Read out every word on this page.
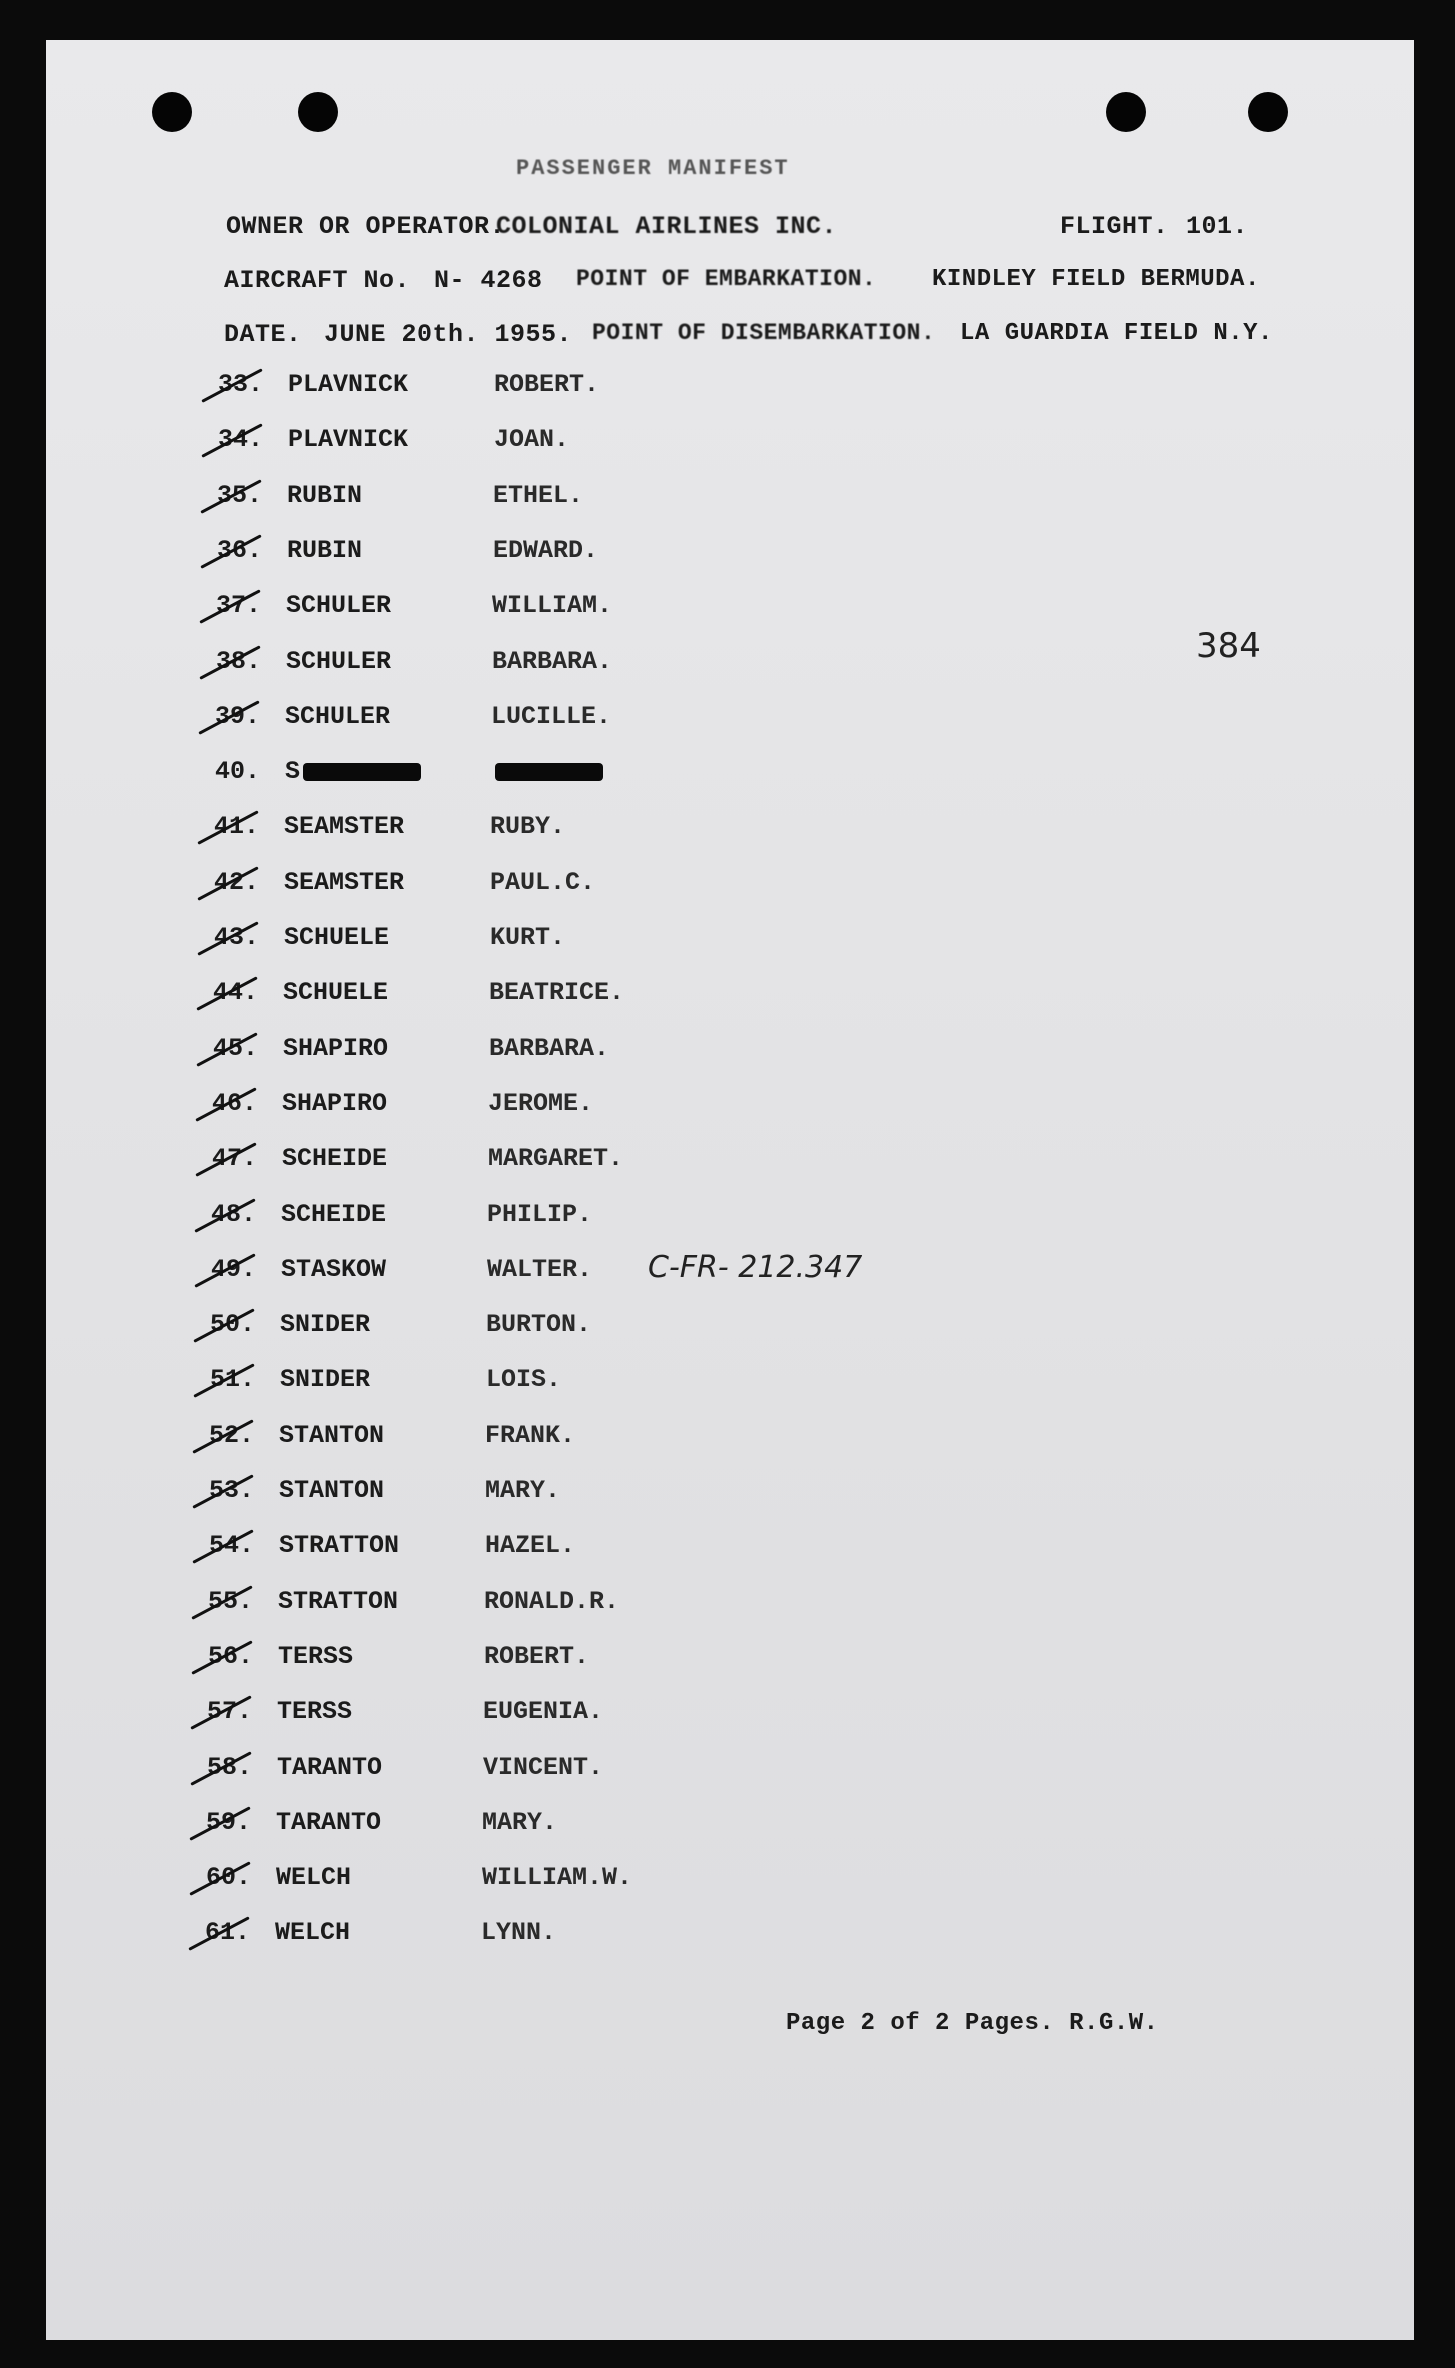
PASSENGER MANIFEST
OWNER OR OPERATOR.
COLONIAL AIRLINES INC.	FLIGHT. 101.
AIRCRAFT No. N- 4268 POINT OF EMBARKATION. KINDLEY FIELD BERMUDA.
DATE. JUNE 20th. 1955. POINT OF DISEMBARKATION. LA GUARDIA FIELD N.Y.
384
C-FR- 212.347
33. PLAVNICK	ROBERT.
34. PLAVNICK	JOAN.
35. RUBIN	ETHEL.
36. RUBIN	EDWARD.
37. SCHULER	WILLIAM.
38. SCHULER	BARBARA.
39. SCHULER	LUCILLE.
40. S
41. SEAMSTER	RUBY.
42. SEAMSTER	PAUL.C.
43. SCHUELE	KURT.
44. SCHUELE	BEATRICE.
45. SHAPIRO	BARBARA.
46. SHAPIRO	JEROME.
47. SCHEIDE	MARGARET.
48. SCHEIDE	PHILIP.
49. STASKOW	WALTER.
50. SNIDER	BURTON.
51. SNIDER	LOIS.
52. STANTON	FRANK.
53. STANTON	MARY.
54. STRATTON	HAZEL.
55. STRATTON	RONALD.R.
56. TERSS	ROBERT.
57. TERSS	EUGENIA.
58. TARANTO	VINCENT.
59. TARANTO	MARY.
60. WELCH	WILLIAM.W.
61. WELCH	LYNN.
Page 2 of 2 Pages. R.G.W.
